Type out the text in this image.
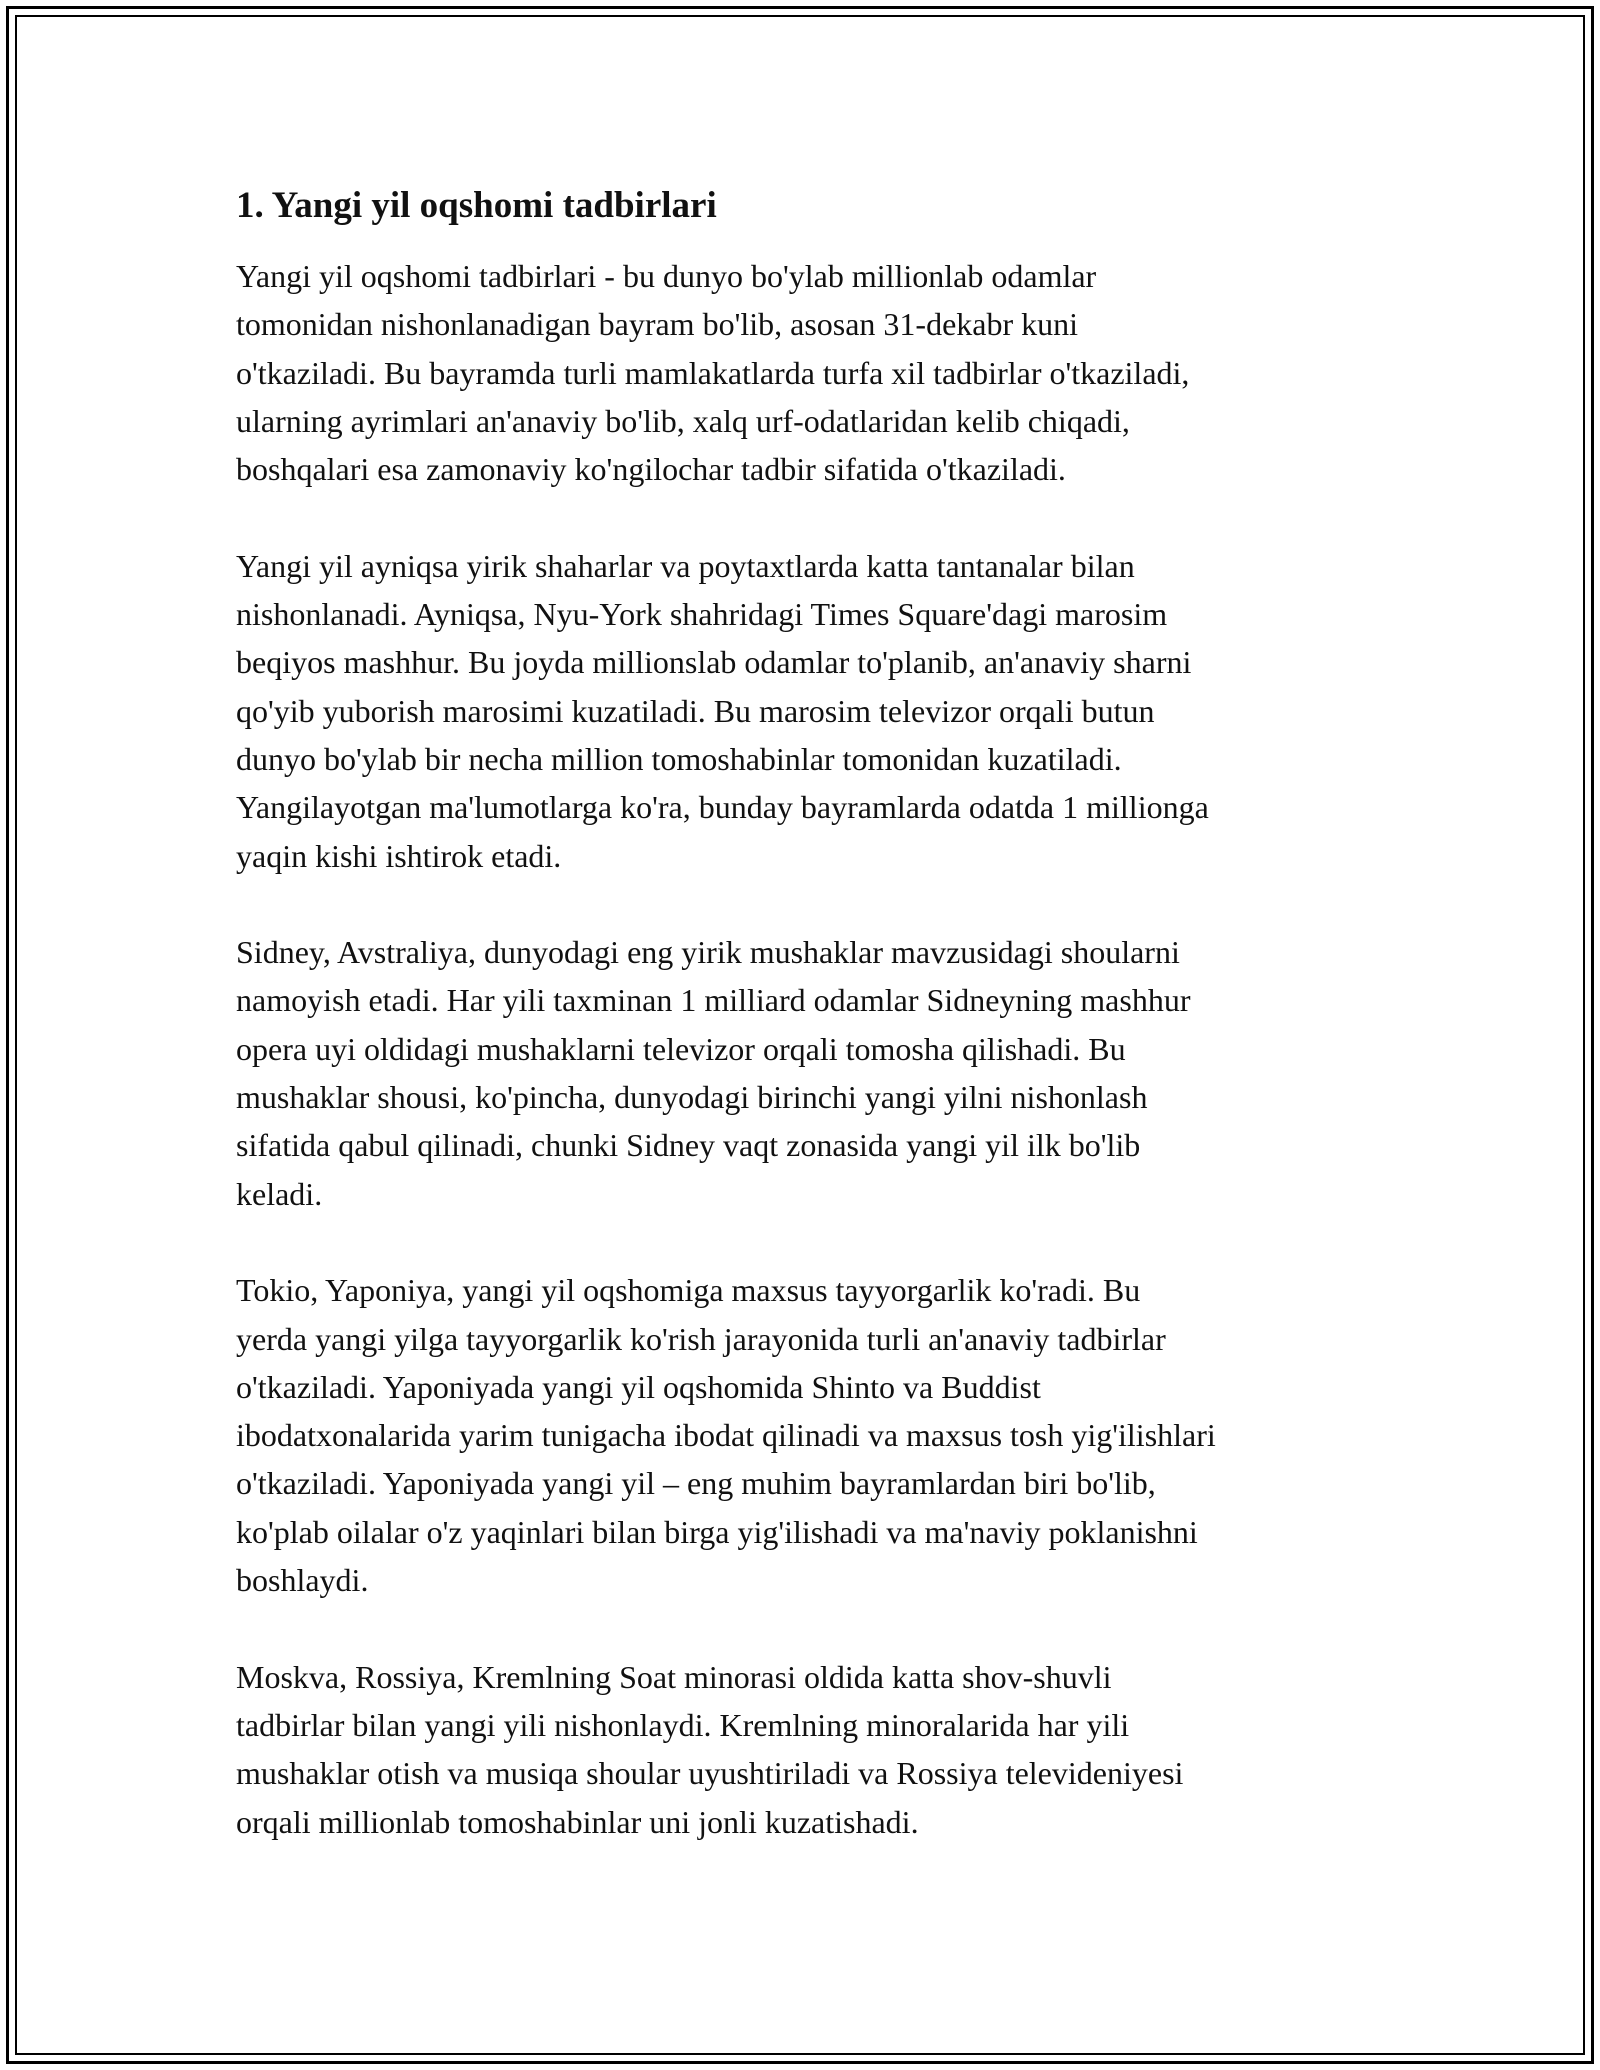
1. Yangi yil oqshomi tadbirlari

Yangi yil oqshomi tadbirlari - bu dunyo bo'ylab millionlab odamlar
tomonidan nishonlanadigan bayram bo'lib, asosan 31-dekabr kuni
o'tkaziladi. Bu bayramda turli mamlakatlarda turfa xil tadbirlar o'tkaziladi,
ularning ayrimlari an'anaviy bo'lib, xalq urf-odatlaridan kelib chiqadi,
boshqalari esa zamonaviy ko'ngilochar tadbir sifatida o'tkaziladi.

Yangi yil ayniqsa yirik shaharlar va poytaxtlarda katta tantanalar bilan
nishonlanadi. Ayniqsa, Nyu-York shahridagi Times Square'dagi marosim
beqiyos mashhur. Bu joyda millionslab odamlar to'planib, an'anaviy sharni
qo'yib yuborish marosimi kuzatiladi. Bu marosim televizor orqali butun
dunyo bo'ylab bir necha million tomoshabinlar tomonidan kuzatiladi.
Yangilayotgan ma'lumotlarga ko'ra, bunday bayramlarda odatda 1 millionga
yaqin kishi ishtirok etadi.

Sidney, Avstraliya, dunyodagi eng yirik mushaklar mavzusidagi shoularni
namoyish etadi. Har yili taxminan 1 milliard odamlar Sidneyning mashhur
opera uyi oldidagi mushaklarni televizor orqali tomosha qilishadi. Bu
mushaklar shousi, ko'pincha, dunyodagi birinchi yangi yilni nishonlash
sifatida qabul qilinadi, chunki Sidney vaqt zonasida yangi yil ilk bo'lib
keladi.

Tokio, Yaponiya, yangi yil oqshomiga maxsus tayyorgarlik ko'radi. Bu
yerda yangi yilga tayyorgarlik ko'rish jarayonida turli an'anaviy tadbirlar
o'tkaziladi. Yaponiyada yangi yil oqshomida Shinto va Buddist
ibodatxonalarida yarim tunigacha ibodat qilinadi va maxsus tosh yig'ilishlari
o'tkaziladi. Yaponiyada yangi yil – eng muhim bayramlardan biri bo'lib,
ko'plab oilalar o'z yaqinlari bilan birga yig'ilishadi va ma'naviy poklanishni
boshlaydi.

Moskva, Rossiya, Kremlning Soat minorasi oldida katta shov-shuvli
tadbirlar bilan yangi yili nishonlaydi. Kremlning minoralarida har yili
mushaklar otish va musiqa shoular uyushtiriladi va Rossiya televideniyesi
orqali millionlab tomoshabinlar uni jonli kuzatishadi.
